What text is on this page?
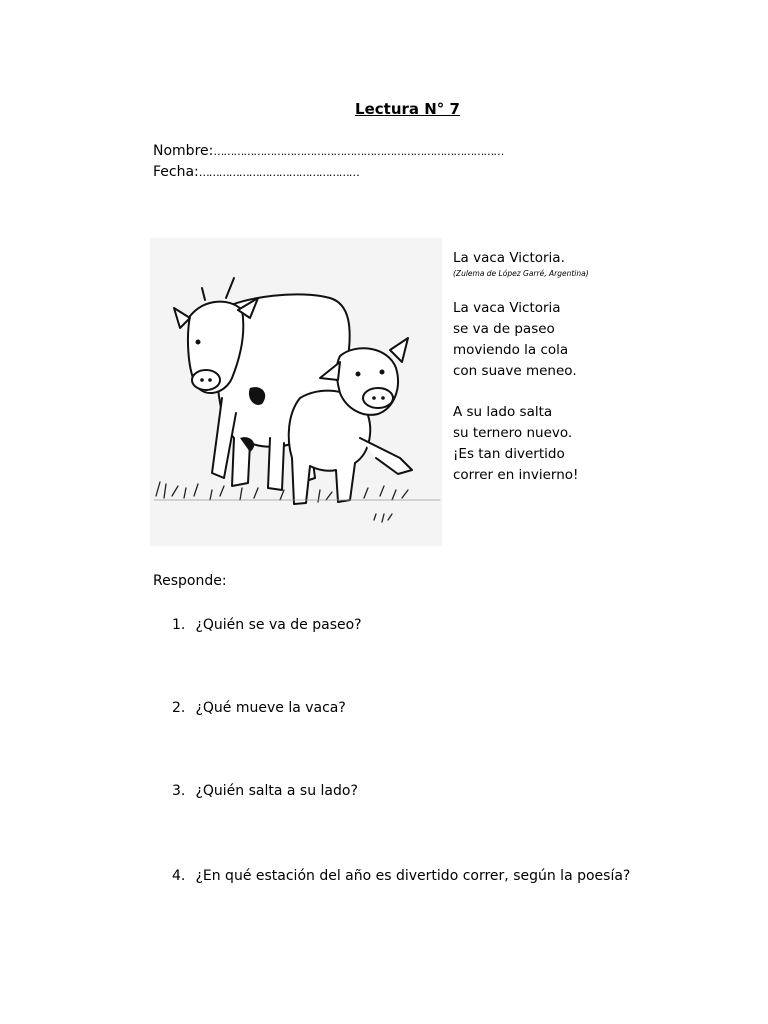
Lectura N° 7
Nombre:……………………………………………………………………………
Fecha:…………………………………………
La vaca Victoria.
(Zulema de López Garré, Argentina)
La vaca Victoria
se va de paseo
moviendo la cola
con suave meneo.
A su lado salta
su ternero nuevo.
¡Es tan divertido
correr en invierno!
Responde:
1. ¿Quién se va de paseo?
2. ¿Qué mueve la vaca?
3. ¿Quién salta a su lado?
4. ¿En qué estación del año es divertido correr, según la poesía?
